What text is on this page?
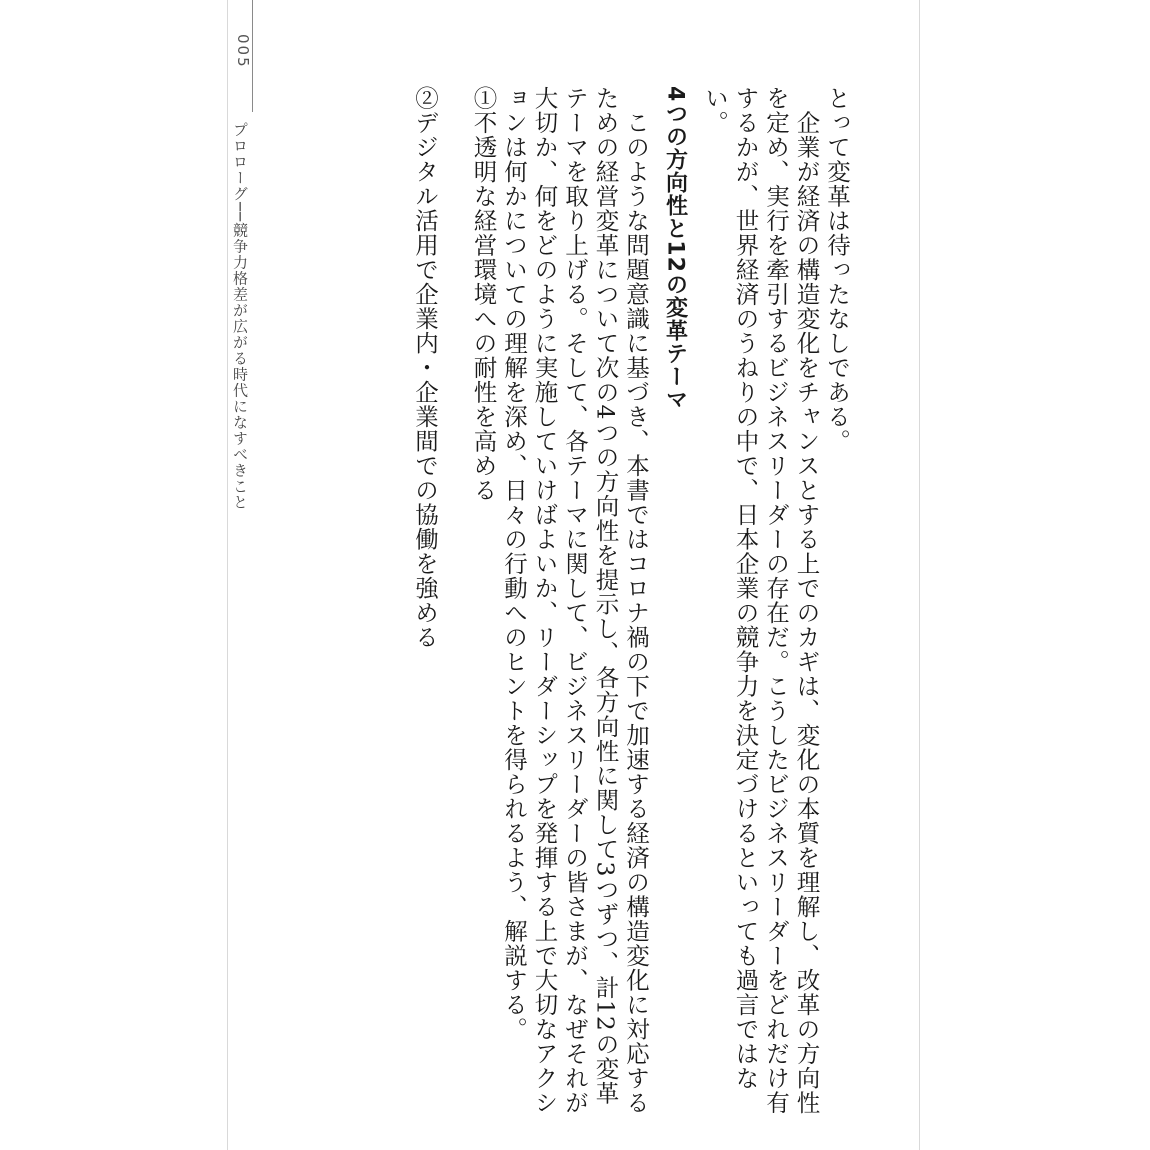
005
プロローグ──競争力格差が広がる時代になすべきこと	とって変革は待ったなしである。

　企業が経済の構造変化をチャンスとする上でのカギは、変化の本質を理解し、改革の方向性を定め、実行を牽引するビジネスリーダーの存在だ。こうしたビジネスリーダーをどれだけ有するかが、世界経済のうねりの中で、日本企業の競争力を決定づけるといっても過言ではない。

4つの方向性と12の変革テーマ

　このような問題意識に基づき、本書ではコロナ禍の下で加速する経済の構造変化に対応するための経営変革について次の4つの方向性を提示し、各方向性に関して3つずつ、計12の変革テーマを取り上げる。そして、各テーマに関して、ビジネスリーダーの皆さまが、なぜそれが大切か、何をどのように実施していけばよいか、リーダーシップを発揮する上で大切なアクションは何かについての理解を深め、日々の行動へのヒントを得られるよう、解説する。

①不透明な経営環境への耐性を高める

②デジタル活用で企業内・企業間での協働を強める
